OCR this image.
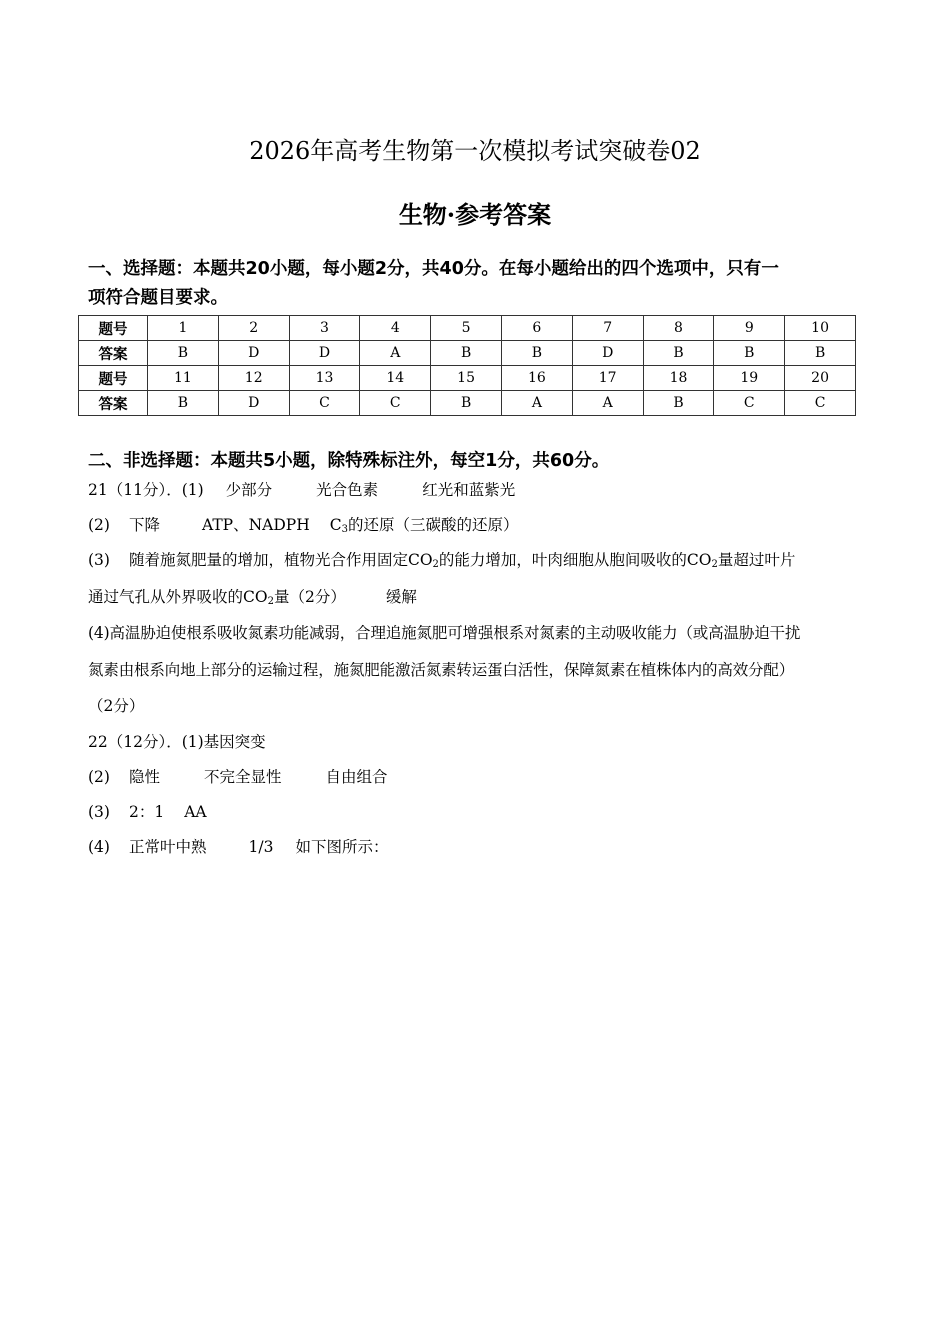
2026年高考生物第一次模拟考试突破卷02
生物·参考答案
一、选择题：本题共20小题，每小题2分，共40分。在每小题给出的四个选项中，只有一
项符合题目要求。
题号	1	2	3	4	5	6	7	8	9	10
答案	B	D	D	A	B	B	D	B	B	B
题号	11	12	13	14	15	16	17	18	19	20
答案	B	D	C	C	B	A	A	B	C	C
二、非选择题：本题共5小题，除特殊标注外，每空1分，共60分。
21（11分）．(1) 少部分	光合色素	红光和蓝紫光
(2) 下降	ATP、NADPH $C_3$的还原（三碳酸的还原）
(3) 随着施氮肥量的增加，植物光合作用固定$CO_2$的能力增加，叶肉细胞从胞间吸收的$CO_2$量超过叶片
通过气孔从外界吸收的$CO_2$量（2分）	缓解
(4)高温胁迫使根系吸收氮素功能减弱，合理追施氮肥可增强根系对氮素的主动吸收能力（或高温胁迫干扰
氮素由根系向地上部分的运输过程，施氮肥能激活氮素转运蛋白活性，保障氮素在植株体内的高效分配）
（2分）
22（12分）．(1)基因突变
(2) 隐性	不完全显性	自由组合
(3) 2：1 AA
(4) 正常叶中熟	1/3 如下图所示：
